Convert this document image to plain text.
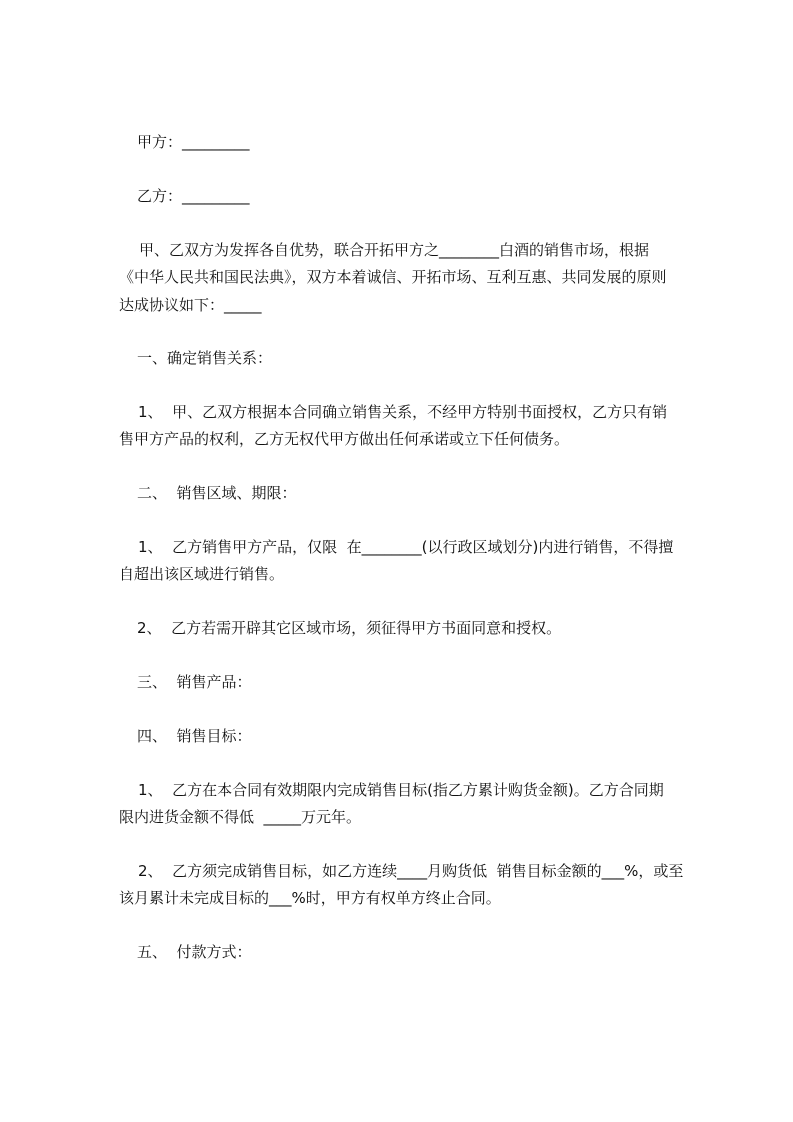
甲方：_________
乙方：_________
甲、乙双方为发挥各自优势，联合开拓甲方之________白酒的销售市场，根据
《中华人民共和国民法典》，双方本着诚信、开拓市场、互利互惠、共同发展的原则
达成协议如下：_____
一、确定销售关系：
1、  甲、乙双方根据本合同确立销售关系，不经甲方特别书面授权，乙方只有销
售甲方产品的权利，乙方无权代甲方做出任何承诺或立下任何债务。
二、  销售区域、期限：
1、  乙方销售甲方产品，仅限  在________(以行政区域划分)内进行销售，不得擅
自超出该区域进行销售。
2、  乙方若需开辟其它区域市场，须征得甲方书面同意和授权。
三、  销售产品：
四、  销售目标：
1、  乙方在本合同有效期限内完成销售目标(指乙方累计购货金额)。乙方合同期
限内进货金额不得低  _____万元年。
2、  乙方须完成销售目标，如乙方连续____月购货低  销售目标金额的___%，或至
该月累计未完成目标的___%时，甲方有权单方终止合同。
五、  付款方式：
